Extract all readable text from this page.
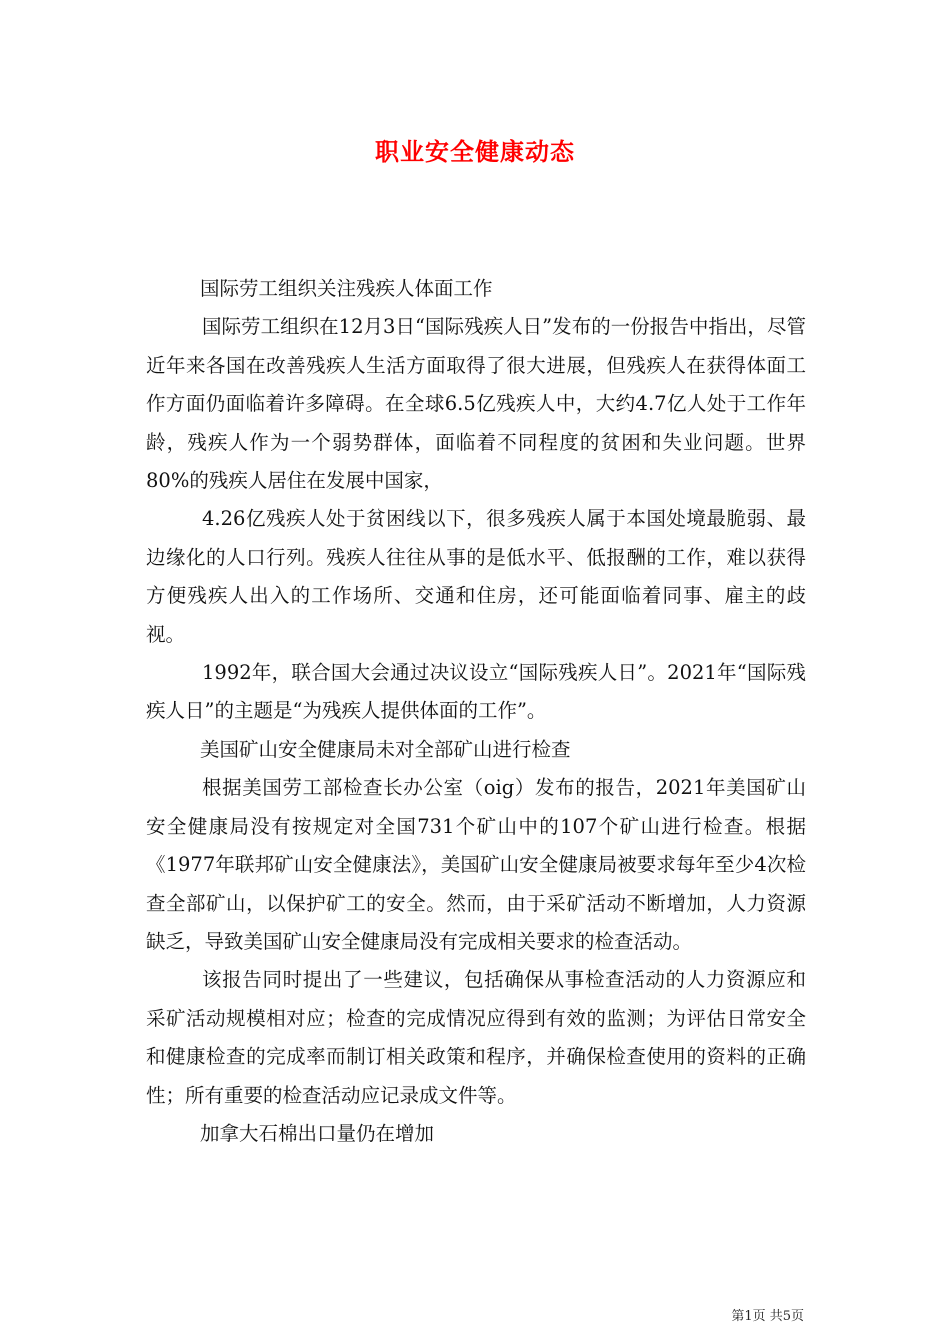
职业安全健康动态

国际劳工组织关注残疾人体面工作

国际劳工组织在12月3日“国际残疾人日”发布的一份报告中指出，尽管近年来各国在改善残疾人生活方面取得了很大进展，但残疾人在获得体面工作方面仍面临着许多障碍。在全球6.5亿残疾人中，大约4.7亿人处于工作年龄，残疾人作为一个弱势群体，面临着不同程度的贫困和失业问题。世界80%的残疾人居住在发展中国家，

4.26亿残疾人处于贫困线以下，很多残疾人属于本国处境最脆弱、最边缘化的人口行列。残疾人往往从事的是低水平、低报酬的工作，难以获得方便残疾人出入的工作场所、交通和住房，还可能面临着同事、雇主的歧视。

1992年，联合国大会通过决议设立“国际残疾人日”。2021年“国际残疾人日”的主题是“为残疾人提供体面的工作”。

美国矿山安全健康局未对全部矿山进行检查

根据美国劳工部检查长办公室（oig）发布的报告，2021年美国矿山安全健康局没有按规定对全国731个矿山中的107个矿山进行检查。根据《1977年联邦矿山安全健康法》，美国矿山安全健康局被要求每年至少4次检查全部矿山，以保护矿工的安全。然而，由于采矿活动不断增加，人力资源缺乏，导致美国矿山安全健康局没有完成相关要求的检查活动。

该报告同时提出了一些建议，包括确保从事检查活动的人力资源应和采矿活动规模相对应；检查的完成情况应得到有效的监测；为评估日常安全和健康检查的完成率而制订相关政策和程序，并确保检查使用的资料的正确性；所有重要的检查活动应记录成文件等。

加拿大石棉出口量仍在增加

第1页 共5页
